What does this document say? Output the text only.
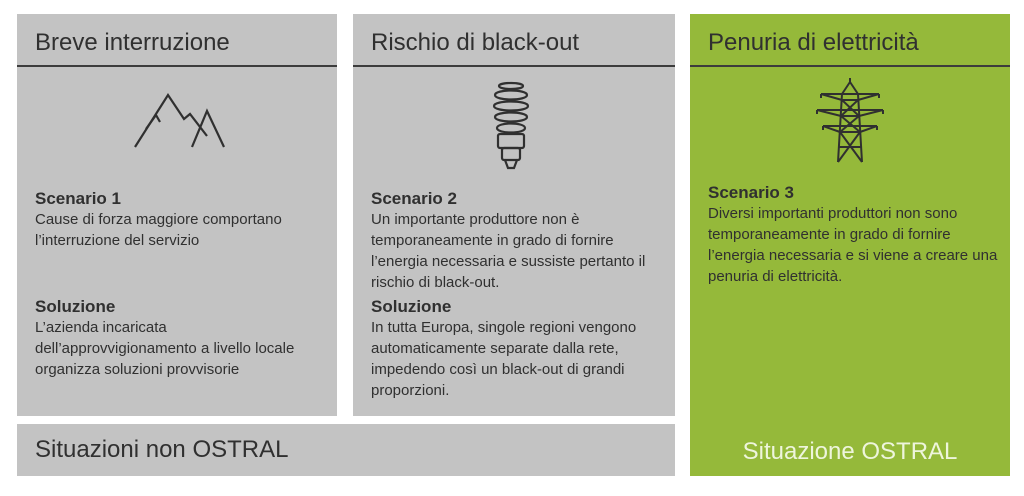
Breve interruzione
Scenario 1
Cause di forza maggiore comportano l’interruzione del servizio
Soluzione
L’azienda incaricata dell’approvvigionamento a livello locale organizza soluzioni provvisorie
Rischio di black-out
Scenario 2
Un importante produttore non è temporaneamente in grado di fornire l’energia necessaria e sussiste pertanto il rischio di black-out.
Soluzione
In tutta Europa, singole regioni vengono automaticamente separate dalla rete, impedendo così un black-out di grandi proporzioni.
Penuria di elettricità
Scenario 3
Diversi importanti produttori non sono temporaneamente in grado di fornire l’energia necessaria e si viene a creare una penuria di elettricità.
Situazione OSTRAL
Situazioni non OSTRAL
